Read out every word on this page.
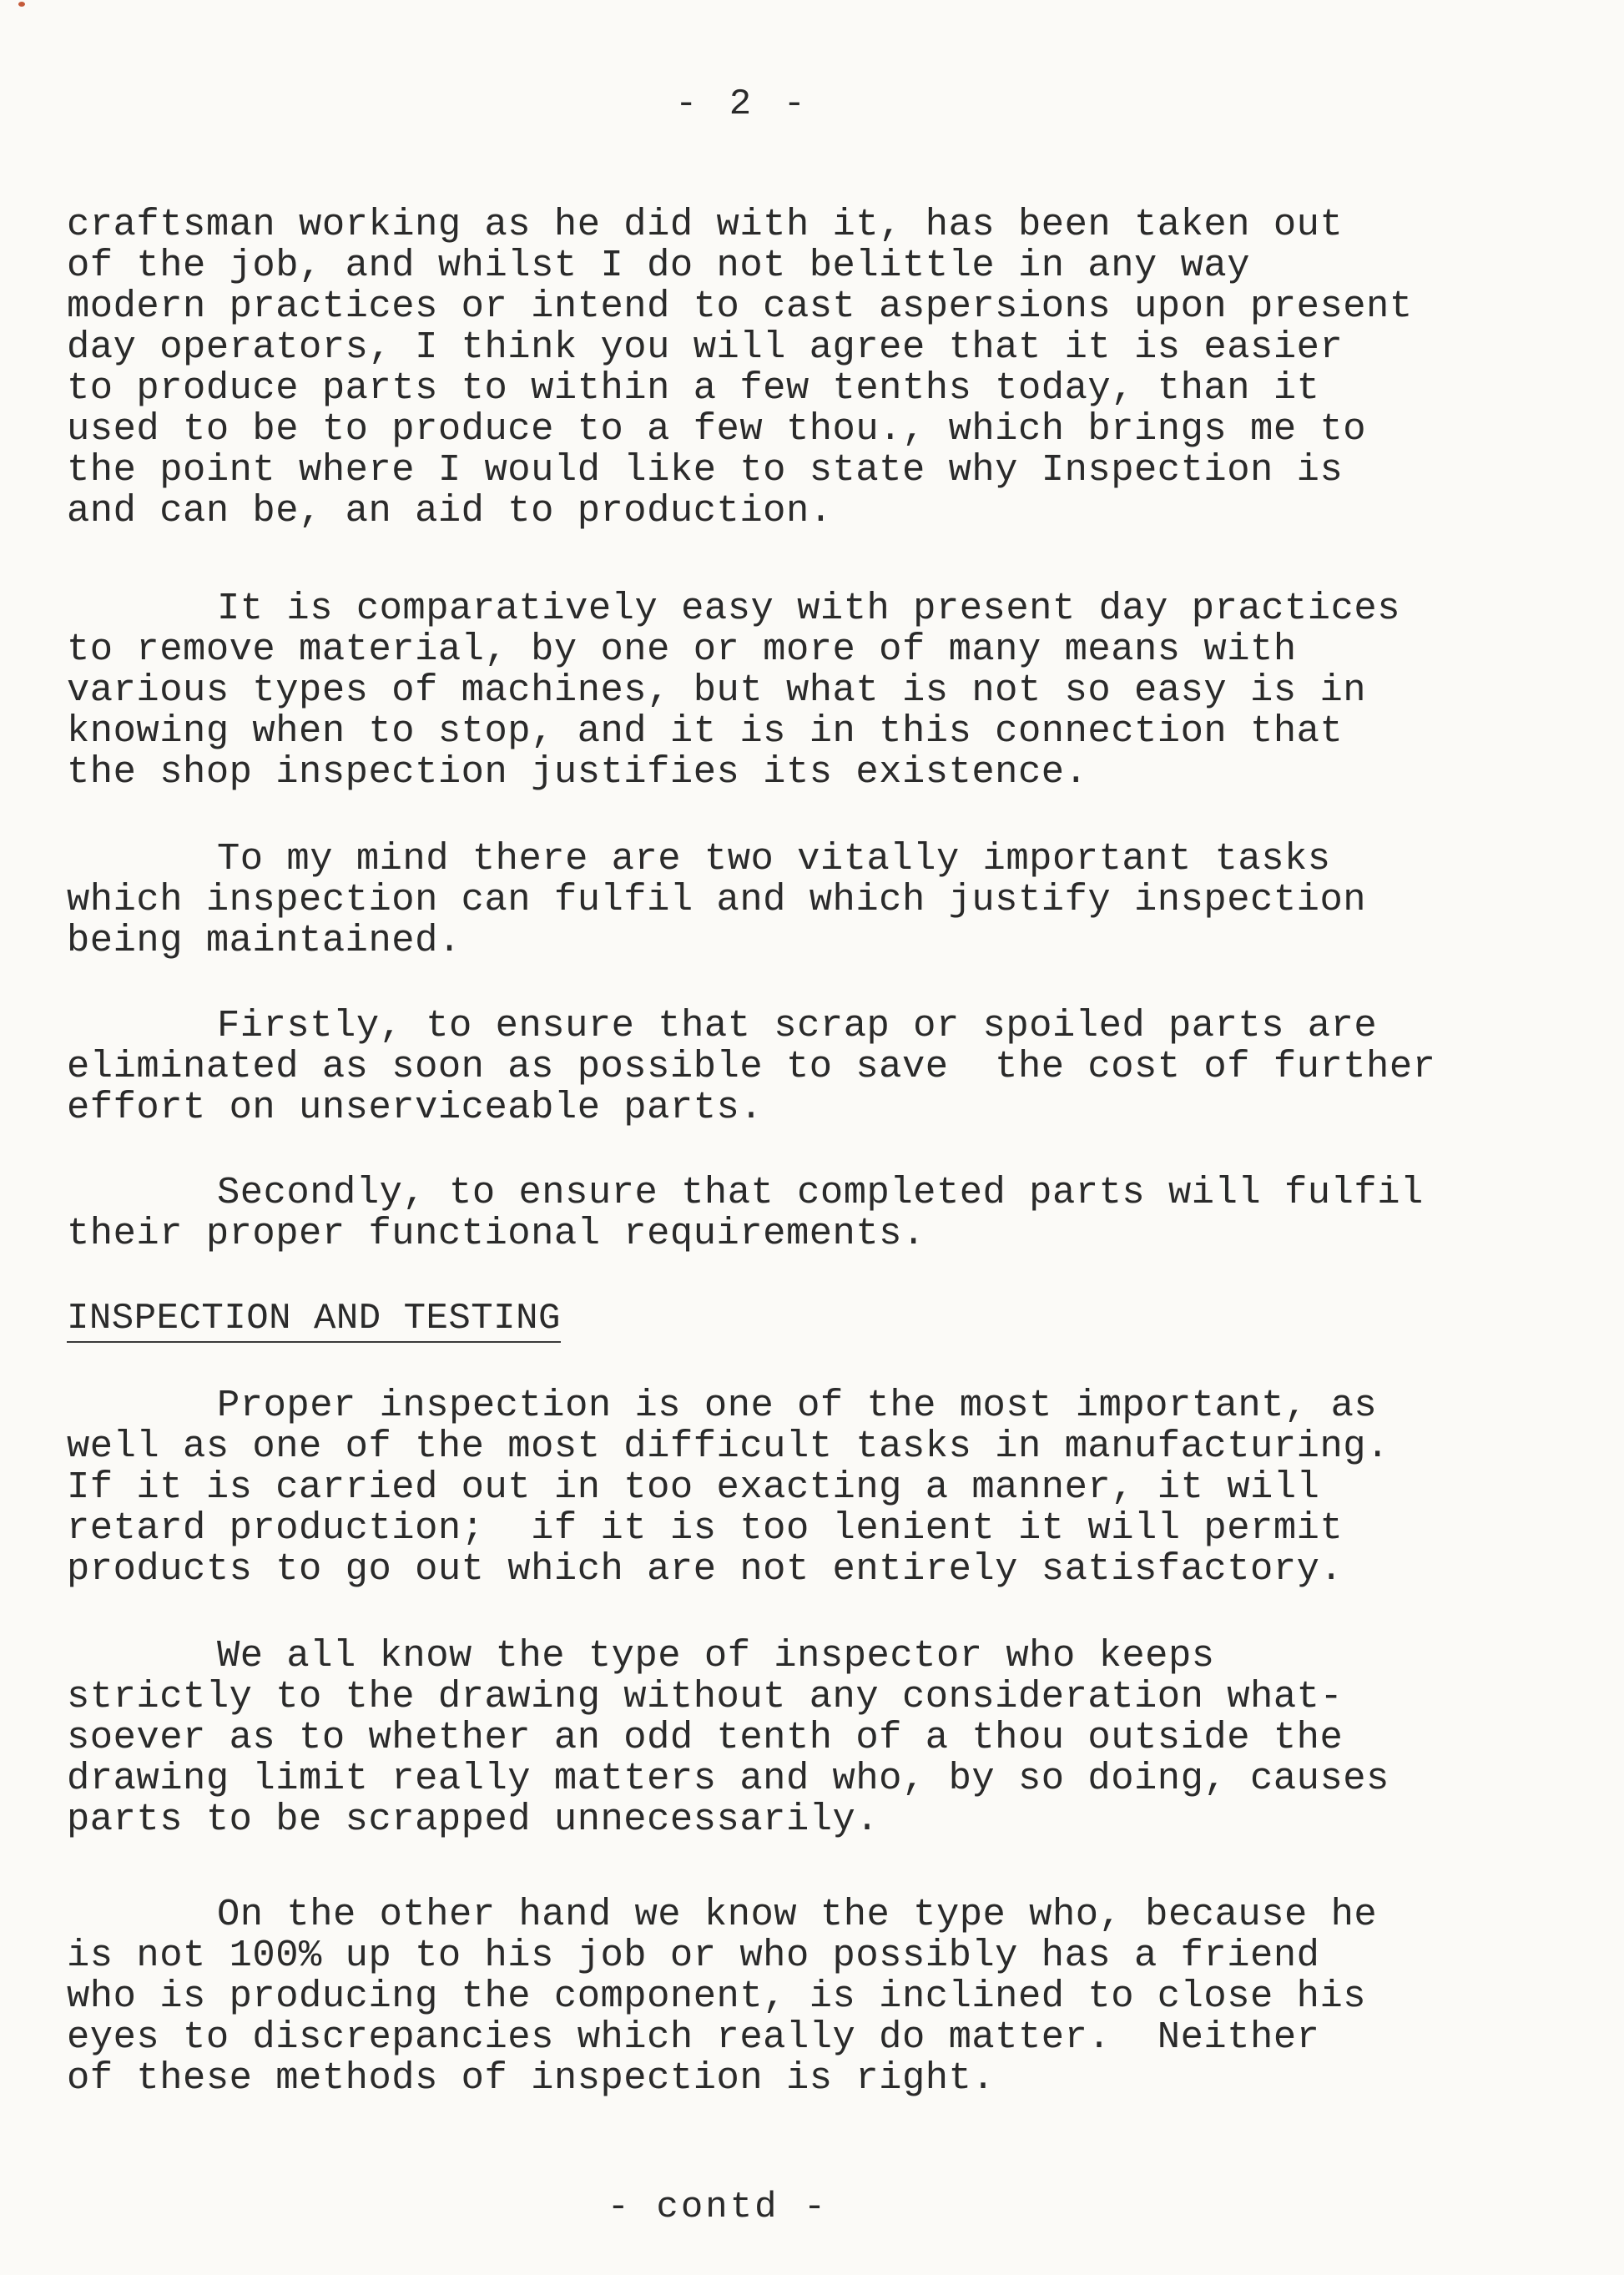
- 2 -

craftsman working as he did with it, has been taken out
of the job, and whilst I do not belittle in any way
modern practices or intend to cast aspersions upon present
day operators, I think you will agree that it is easier
to produce parts to within a few tenths today, than it
used to be to produce to a few thou., which brings me to
the point where I would like to state why Inspection is
and can be, an aid to production.

It is comparatively easy with present day practices
to remove material, by one or more of many means with
various types of machines, but what is not so easy is in
knowing when to stop, and it is in this connection that
the shop inspection justifies its existence.

To my mind there are two vitally important tasks
which inspection can fulfil and which justify inspection
being maintained.

Firstly, to ensure that scrap or spoiled parts are
eliminated as soon as possible to save  the cost of further
effort on unserviceable parts.

Secondly, to ensure that completed parts will fulfil
their proper functional requirements.

INSPECTION AND TESTING

Proper inspection is one of the most important, as
well as one of the most difficult tasks in manufacturing.
If it is carried out in too exacting a manner, it will
retard production;  if it is too lenient it will permit
products to go out which are not entirely satisfactory.

We all know the type of inspector who keeps
strictly to the drawing without any consideration what-
soever as to whether an odd tenth of a thou outside the
drawing limit really matters and who, by so doing, causes
parts to be scrapped unnecessarily.

On the other hand we know the type who, because he
is not 100% up to his job or who possibly has a friend
who is producing the component, is inclined to close his
eyes to discrepancies which really do matter.  Neither
of these methods of inspection is right.

- contd -
